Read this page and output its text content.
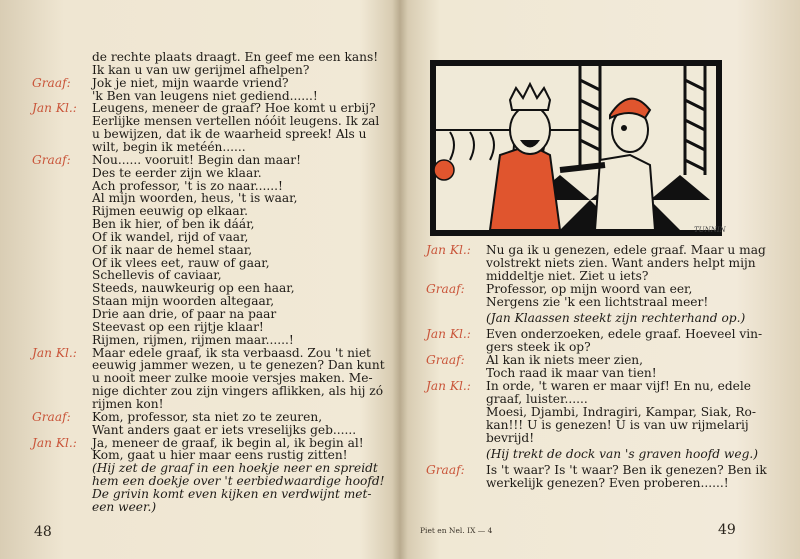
de rechte plaats draagt. En geef me een kans!
Ik kan u van uw gerijmel afhelpen?
Graaf:	Jok je niet, mijn waarde vriend?
'k Ben van leugens niet gediend......!
Jan Kl.:	Leugens, meneer de graaf? Hoe komt u erbij?
Eerlijke mensen vertellen nóóit leugens. Ik zal
u bewijzen, dat ik de waarheid spreek! Als u
wilt, begin ik metéén......
Graaf:	Nou...... vooruit! Begin dan maar!
Des te eerder zijn we klaar.
Ach professor, 't is zo naar......!
Al mijn woorden, heus, 't is waar,
Rijmen eeuwig op elkaar.
Ben ik hier, of ben ik dáár,
Of ik wandel, rijd of vaar,
Of ik naar de hemel staar,
Of ik vlees eet, rauw of gaar,
Schellevis of caviaar,
Steeds, nauwkeurig op een haar,
Staan mijn woorden altegaar,
Drie aan drie, of paar na paar
Steevast op een rijtje klaar!
Rijmen, rijmen, rijmen maar......!
Jan Kl.:	Maar edele graaf, ik sta verbaasd. Zou 't niet
eeuwig jammer wezen, u te genezen? Dan kunt
u nooit meer zulke mooie versjes maken. Me-
nige dichter zou zijn vingers aflikken, als hij zó
rijmen kon!
Graaf:	Kom, professor, sta niet zo te zeuren,
Want anders gaat er iets vreselijks geb......
Jan Kl.:	Ja, meneer de graaf, ik begin al, ik begin al!
Kom, gaat u hier maar eens rustig zitten!
(Hij zet de graaf in een hoekje neer en spreidt
hem een doekje over 't eerbiedwaardige hoofd!
De grivin komt even kijken en verdwijnt met-
een weer.)
48
Jan Kl.:	Nu ga ik u genezen, edele graaf. Maar u mag
volstrekt niets zien. Want anders helpt mijn
middeltje niet. Ziet u iets?
Graaf:	Professor, op mijn woord van eer,
Nergens zie 'k een lichtstraal meer!
(Jan Klaassen steekt zijn rechterhand op.)
Jan Kl.:	Even onderzoeken, edele graaf. Hoeveel vin-
gers steek ik op?
Graaf:	Al kan ik niets meer zien,
Toch raad ik maar van tien!
Jan Kl.:	In orde, 't waren er maar vijf! En nu, edele
graaf, luister......
Moesi, Djambi, Indragiri, Kampar, Siak, Ro-
kan!!! U is genezen! U is van uw rijmelarij
bevrijd!
(Hij trekt de dock van 's graven hoofd weg.)
Graaf:	Is 't waar? Is 't waar? Ben ik genezen? Ben ik
werkelijk genezen? Even proberen......!
49
Piet en Nel. IX — 4
TUNNIN
